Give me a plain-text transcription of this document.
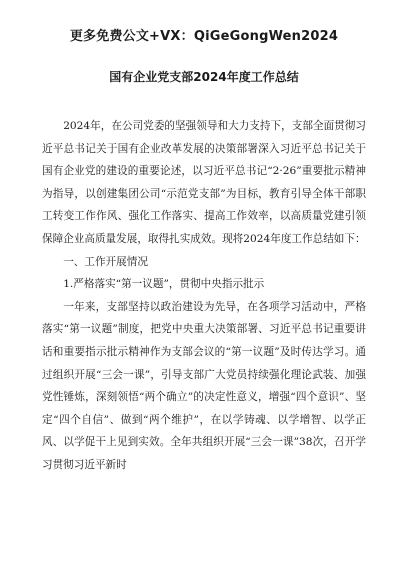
更多免费公文+VX：QiGeGongWen2024
国有企业党支部2024年度工作总结

2024年，在公司党委的坚强领导和大力支持下，支部全面贯彻习近平总书记关于国有企业改革发展的决策部署深入习近平总书记关于国有企业党的建设的重要论述，以习近平总书记“2·26”重要批示精神为指导，以创建集团公司“示范党支部”为目标，教育引导全体干部职工转变工作作风、强化工作落实、提高工作效率，以高质量党建引领保障企业高质量发展，取得扎实成效。现将2024年度工作总结如下：

一、工作开展情况
1.严格落实“第一议题”，贯彻中央指示批示

一年来，支部坚持以政治建设为先导，在各项学习活动中，严格落实“第一议题”制度，把党中央重大决策部署、习近平总书记重要讲话和重要指示批示精神作为支部会议的“第一议题”及时传达学习。通过组织开展“三会一课”，引导支部广大党员持续强化理论武装、加强党性锤炼，深刻领悟“两个确立”的决定性意义，增强“四个意识”、坚定“四个自信”、做到“两个维护”，在以学铸魂、以学增智、以学正风、以学促干上见到实效。全年共组织开展“三会一课”38次，召开学习贯彻习近平新时
